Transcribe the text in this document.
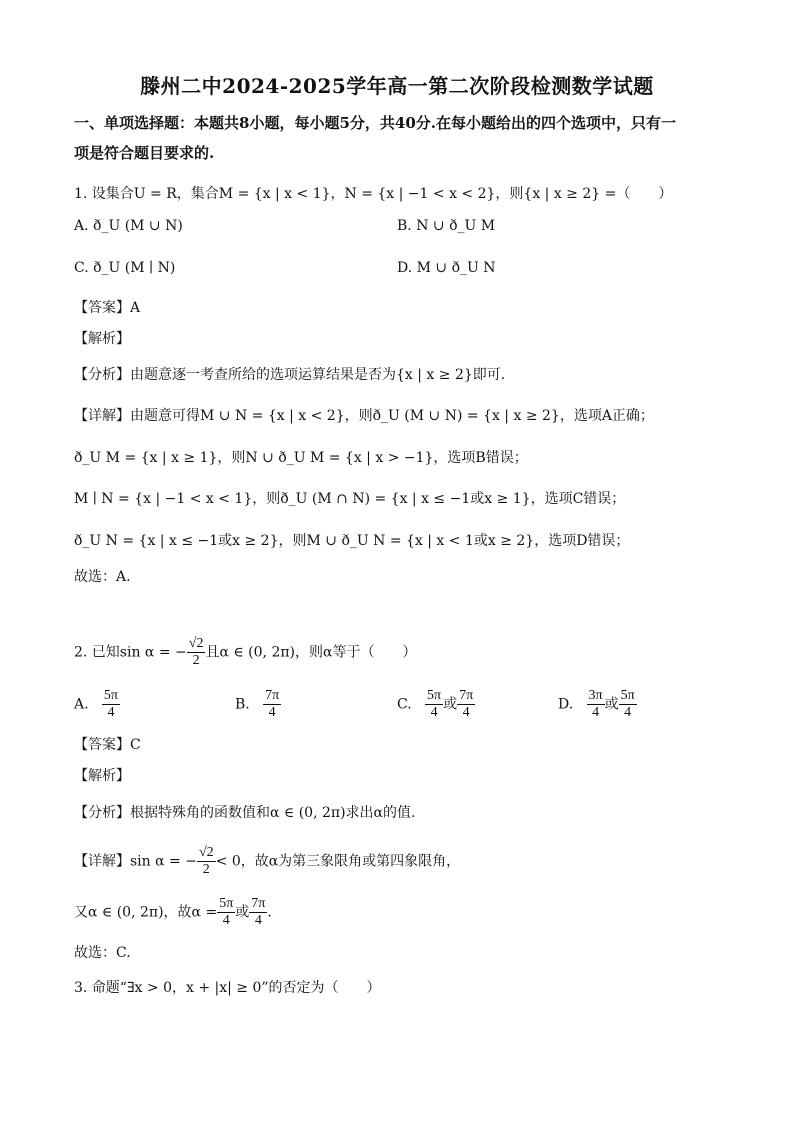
滕州二中2024-2025学年高一第二次阶段检测数学试题
一、单项选择题：本题共8小题，每小题5分，共40分.在每小题给出的四个选项中，只有一
项是符合题目要求的.
1. 设集合U = R，集合M = {x | x < 1}，N = {x | −1 < x < 2}，则{x | x ≥ 2} =（　　）
A. ð_U (M ∪ N)	B. N ∪ ð_U M
C. ð_U (M ∣ N)	D. M ∪ ð_U N
【答案】A
【解析】
【分析】由题意逐一考查所给的选项运算结果是否为{x | x ≥ 2}即可.
【详解】由题意可得M ∪ N = {x | x < 2}，则ð_U (M ∪ N) = {x | x ≥ 2}，选项A正确；
ð_U M = {x | x ≥ 1}，则N ∪ ð_U M = {x | x > −1}，选项B错误；
M ∣ N = {x | −1 < x < 1}，则ð_U (M ∩ N) = {x | x ≤ −1或x ≥ 1}，选项C错误；
ð_U N = {x | x ≤ −1或x ≥ 2}，则M ∪ ð_U N = {x | x < 1或x ≥ 2}，选项D错误；
故选：A.
2. 已知sin α = − $\frac{√2}{2}$ 且α ∈ (0, 2π)，则α等于（　　）
A. $\frac{5\pi}{4}$	B. $\frac{7\pi}{4}$	C. $\frac{5\pi}{4}$ 或 $\frac{7\pi}{4}$	D. $\frac{3\pi}{4}$ 或 $\frac{5\pi}{4}$
【答案】C
【解析】
【分析】根据特殊角的函数值和α ∈ (0, 2π)求出α的值.
【详解】sin α = − $\frac{√2}{2} < 0$，故α为第三象限角或第四象限角，
又α ∈ (0, 2π)，故$\alpha = \frac{5\pi}{4}$ 或 $\frac{7\pi}{4}$ .
故选：C.
3. 命题“∃x > 0，x + |x| ≥ 0”的否定为（　　）
